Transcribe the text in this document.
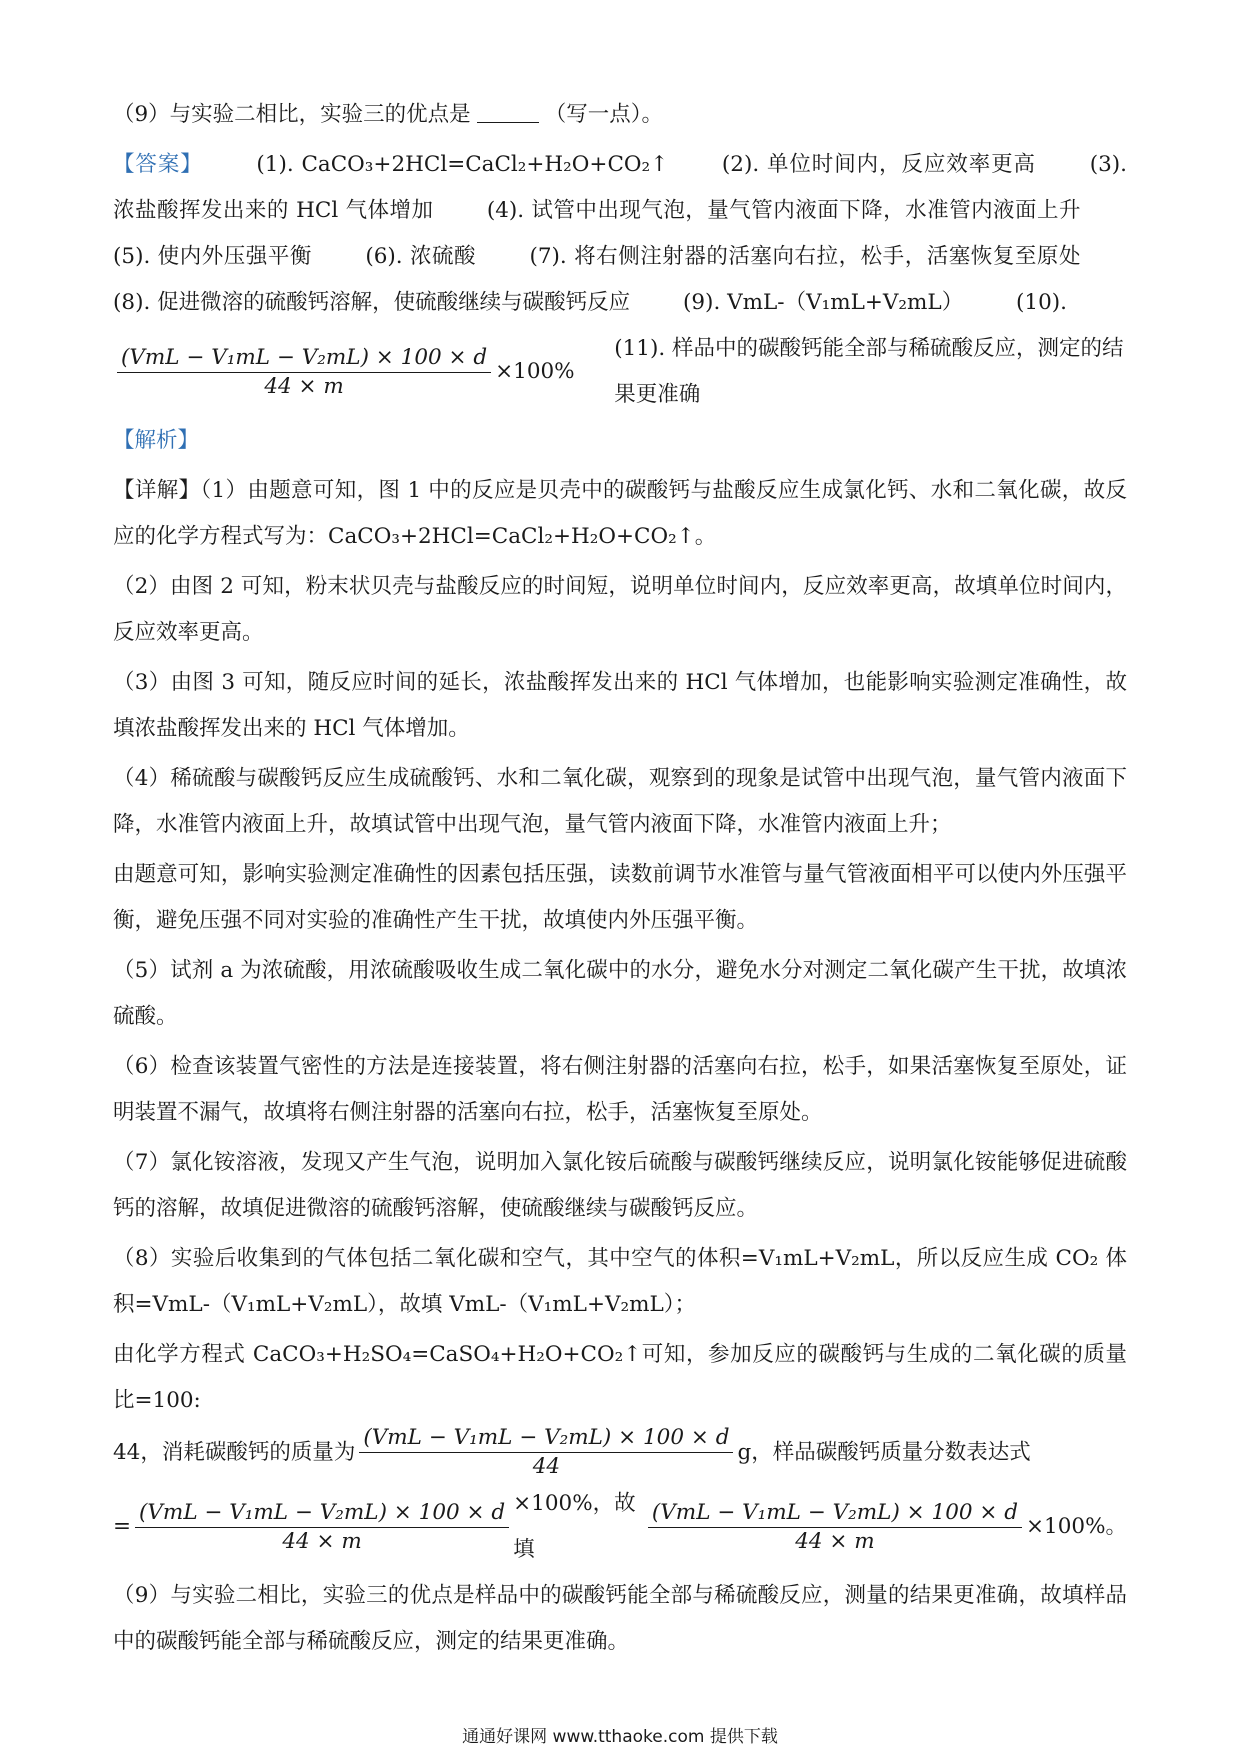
（9）与实验二相比，实验三的优点是	（写一点）。

【答案】	(1). CaCO₃+2HCl=CaCl₂+H₂O+CO₂↑	(2). 单位时间内，反应效率更高	(3). 浓盐酸挥发出来的 HCl 气体增加 (4). 试管中出现气泡，量气管内液面下降，水准管内液面上升 (5). 使内外压强平衡 (6). 浓硫酸 (7). 将右侧注射器的活塞向右拉，松手，活塞恢复至原处 (8). 促进微溶的硫酸钙溶解，使硫酸继续与碳酸钙反应 (9). VmL-（V₁mL+V₂mL） (10).

$\frac{\text{(VmL − V₁mL − V₂mL) × 100 × d}}{44 \times m} \times 100\%$
(11). 样品中的碳酸钙能全部与稀硫酸反应，测定的结果更准确

【解析】

【详解】（1）由题意可知，图 1 中的反应是贝壳中的碳酸钙与盐酸反应生成氯化钙、水和二氧化碳，故反应的化学方程式写为：CaCO₃+2HCl=CaCl₂+H₂O+CO₂↑。

（2）由图 2 可知，粉末状贝壳与盐酸反应的时间短，说明单位时间内，反应效率更高，故填单位时间内，反应效率更高。

（3）由图 3 可知，随反应时间的延长，浓盐酸挥发出来的 HCl 气体增加，也能影响实验测定准确性，故填浓盐酸挥发出来的 HCl 气体增加。

（4）稀硫酸与碳酸钙反应生成硫酸钙、水和二氧化碳，观察到的现象是试管中出现气泡，量气管内液面下降，水准管内液面上升，故填试管中出现气泡，量气管内液面下降，水准管内液面上升；

由题意可知，影响实验测定准确性的因素包括压强，读数前调节水准管与量气管液面相平可以使内外压强平衡，避免压强不同对实验的准确性产生干扰，故填使内外压强平衡。

（5）试剂 a 为浓硫酸，用浓硫酸吸收生成二氧化碳中的水分，避免水分对测定二氧化碳产生干扰，故填浓硫酸。

（6）检查该装置气密性的方法是连接装置，将右侧注射器的活塞向右拉，松手，如果活塞恢复至原处，证明装置不漏气，故填将右侧注射器的活塞向右拉，松手，活塞恢复至原处。

（7）氯化铵溶液，发现又产生气泡，说明加入氯化铵后硫酸与碳酸钙继续反应，说明氯化铵能够促进硫酸钙的溶解，故填促进微溶的硫酸钙溶解，使硫酸继续与碳酸钙反应。

（8）实验后收集到的气体包括二氧化碳和空气，其中空气的体积=V₁mL+V₂mL，所以反应生成 CO₂ 体积=VmL-（V₁mL+V₂mL），故填 VmL-（V₁mL+V₂mL）；

由化学方程式 CaCO₃+H₂SO₄=CaSO₄+H₂O+CO₂↑可知，参加反应的碳酸钙与生成的二氧化碳的质量比=100:

44，消耗碳酸钙的质量为 $\frac{\text{(VmL − V₁mL − V₂mL) × 100 × d}}{44}$ g，样品碳酸钙质量分数表达式
= $\frac{\text{(VmL − V₁mL − V₂mL) × 100 × d}}{44 \times m} \times 100\%$，故填	$\frac{\text{(VmL − V₁mL − V₂mL) × 100 × d}}{44 \times m} \times 100\%$。

（9）与实验二相比，实验三的优点是样品中的碳酸钙能全部与稀硫酸反应，测量的结果更准确，故填样品中的碳酸钙能全部与稀硫酸反应，测定的结果更准确。

通通好课网 www.tthaoke.com 提供下载
